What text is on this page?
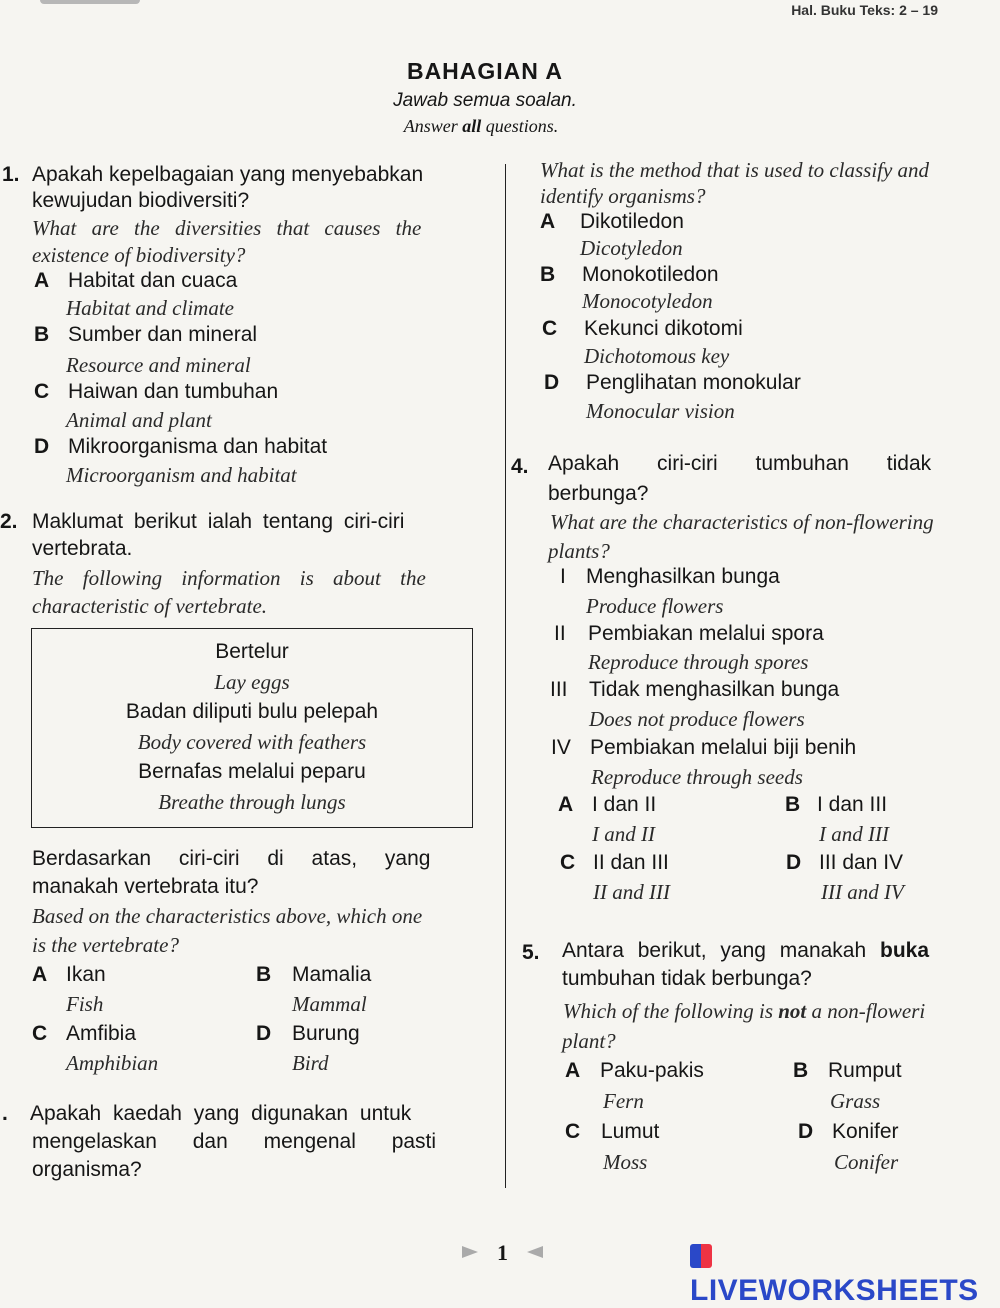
Hal. Buku Teks: 2 – 19
BAHAGIAN A
Jawab semua soalan.
Answer all questions.
1. Apakah kepelbagaian yang menyebabkan
kewujudan biodiversiti?
What are the diversities that causes the
existence of biodiversity?
A Habitat dan cuaca
Habitat and climate
B Sumber dan mineral
Resource and mineral
C Haiwan dan tumbuhan
Animal and plant
D Mikroorganisma dan habitat
Microorganism and habitat
2. Maklumat berikut ialah tentang ciri-ciri
vertebrata.
The following information is about the
characteristic of vertebrate.
Bertelur
Lay eggs
Badan diliputi bulu pelepah
Body covered with feathers
Bernafas melalui peparu
Breathe through lungs
Berdasarkan ciri-ciri di atas, yang
manakah vertebrata itu?
Based on the characteristics above, which one
is the vertebrate?
A Ikan
Fish
B Mamalia
Mammal
C Amfibia
Amphibian
D Burung
Bird
. Apakah kaedah yang digunakan untuk
mengelaskan dan mengenal pasti
organisma?
What is the method that is used to classify and
identify organisms?
A Dikotiledon
Dicotyledon
B Monokotiledon
Monocotyledon
C Kekunci dikotomi
Dichotomous key
D Penglihatan monokular
Monocular vision
4. Apakah ciri-ciri tumbuhan tidak
berbunga?
What are the characteristics of non-flowering
plants?
I Menghasilkan bunga
Produce flowers
II Pembiakan melalui spora
Reproduce through spores
III Tidak menghasilkan bunga
Does not produce flowers
IV Pembiakan melalui biji benih
Reproduce through seeds
A I dan II
I and II
B I dan III
I and III
C II dan III
II and III
D III dan IV
III and IV
5. Antara berikut, yang manakah buka
tumbuhan tidak berbunga?
Which of the following is not a non-floweri
plant?
A Paku-pakis
Fern
B Rumput
Grass
C Lumut
Moss
D Konifer
Conifer
1
LIVEWORKSHEETS
